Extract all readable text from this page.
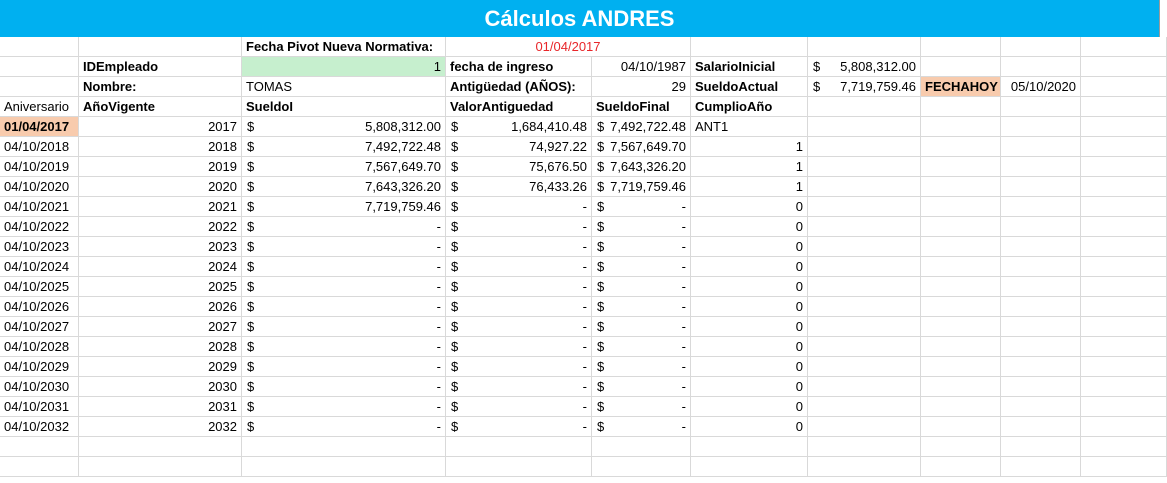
Cálculos ANDRES
Fecha Pivot Nueva Normativa:	01/04/2017
IDEmpleado	1 fecha de ingreso	04/10/1987 SalarioInicial	$ 5,808,312.00
Nombre:	TOMAS	Antigüedad (AÑOS):	29 SueldoActual	$ 7,719,759.46 FECHAHOY 05/10/2020
Aniversario	AñoVigente	SueldoI	ValorAntiguedad	SueldoFinal	CumplioAño
01/04/2017	2017 $	5,808,312.00 $	1,684,410.48 $ 7,492,722.48 ANT1
04/10/2018	2018 $	7,492,722.48 $	74,927.22 $ 7,567,649.70	1
04/10/2019	2019 $	7,567,649.70 $	75,676.50 $ 7,643,326.20	1
04/10/2020	2020 $	7,643,326.20 $	76,433.26 $ 7,719,759.46	1
04/10/2021	2021 $	7,719,759.46 $	- $	-	0
04/10/2022	2022 $	- $	- $	-	0
04/10/2023	2023 $	- $	- $	-	0
04/10/2024	2024 $	- $	- $	-	0
04/10/2025	2025 $	- $	- $	-	0
04/10/2026	2026 $	- $	- $	-	0
04/10/2027	2027 $	- $	- $	-	0
04/10/2028	2028 $	- $	- $	-	0
04/10/2029	2029 $	- $	- $	-	0
04/10/2030	2030 $	- $	- $	-	0
04/10/2031	2031 $	- $	- $	-	0
04/10/2032	2032 $	- $	- $	-	0
